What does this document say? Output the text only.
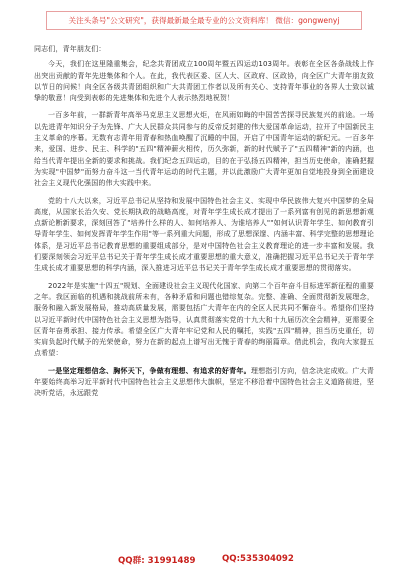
关注头条号"公文研究"，获得最新最全最专业的公文资料库！ 微信：gongwenyj

同志们，青年朋友们：

今天，我们在这里隆重集会，纪念共青团成立100周年暨五四运动103周年。表彰在全区各条战线上作出突出贡献的青年先进集体和个人。在此，我代表区委、区人大、区政府、区政协，向全区广大青年朋友致以节日的问候！向全区各级共青团组织和广大共青团工作者以及所有关心、支持青年事业的各界人士致以诚挚的敬意！向受到表彰的先进集体和先进个人表示热烈地祝贺！

一百多年前，一群新青年高举马克思主义思想火炬，在风雨如晦的中国苦苦探寻民族复兴的前途。一场以先进青年知识分子为先锋、广大人民群众共同参与的反帝反封建的伟大爱国革命运动，拉开了中国新民主主义革命的序幕。无数有志青年用青春和热血唤醒了沉睡的中国，开启了中国青年运动的新纪元。一百多年来，爱国、进步、民主、科学的"五四"精神薪火相传，历久弥新，新的时代赋予了"五四精神"新的内涵，也给当代青年提出全新的要求和挑战。我们纪念五四运动，目的在于弘扬五四精神，担当历史使命，准确把握为实现"中国梦"而努力奋斗这一当代青年运动的时代主题，并以此激励广大青年更加自觉地投身到全面建设社会主义现代化强国的伟大实践中来。

党的十八大以来，习近平总书记从坚持和发展中国特色社会主义、实现中华民族伟大复兴中国梦的全局高度，从国家长治久安、党长期执政的战略高度，对青年学生成长成才提出了一系列富有创见的新思想新观点新论断新要求，深刻回答了"培养什么样的人、如何培养人、为谁培养人""如何认识青年学生、如何教育引导青年学生、如何发挥青年学生作用"等一系列重大问题，形成了思想深邃、内涵丰富、科学完整的思想理论体系，是习近平总书记教育思想的重要组成部分，是对中国特色社会主义教育理论的进一步丰富和发展。我们要深刻领会习近平总书记关于青年学生成长成才重要思想的重大意义，准确把握习近平总书记关于青年学生成长成才重要思想的科学内涵，深入推进习近平总书记关于青年学生成长成才重要思想的贯彻落实。

2022年是实施"十四五"规划、全面建设社会主义现代化国家、向第二个百年奋斗目标进军新征程的重要之年。我区面临的机遇和挑战前所未有，各种矛盾和问题也错综复杂。完整、准确、全面贯彻新发展理念，服务和融入新发展格局，推动高质量发展，需要包括广大青年在内的全区人民共同不懈奋斗。希望你们坚持以习近平新时代中国特色社会主义思想为指导，认真贯彻落实党的十九大和十九届历次全会精神，更需要全区青年奋勇承担、接力传承。希望全区广大青年牢记党和人民的嘱托，实践"五四"精神，担当历史重任，切实肩负起时代赋予的光荣使命，努力在新的起点上谱写出无愧于青春的绚丽篇章。借此机会，我向大家提五点希望：

一是坚定理想信念、胸怀天下，争做有理想、有追求的好青年。理想指引方向，信念决定成败。广大青年要始终高举习近平新时代中国特色社会主义思想伟大旗帜，坚定不移沿着中国特色社会主义道路前进，坚决听党话，永远跟党

QQ群: 31991489	QQ:535304092
